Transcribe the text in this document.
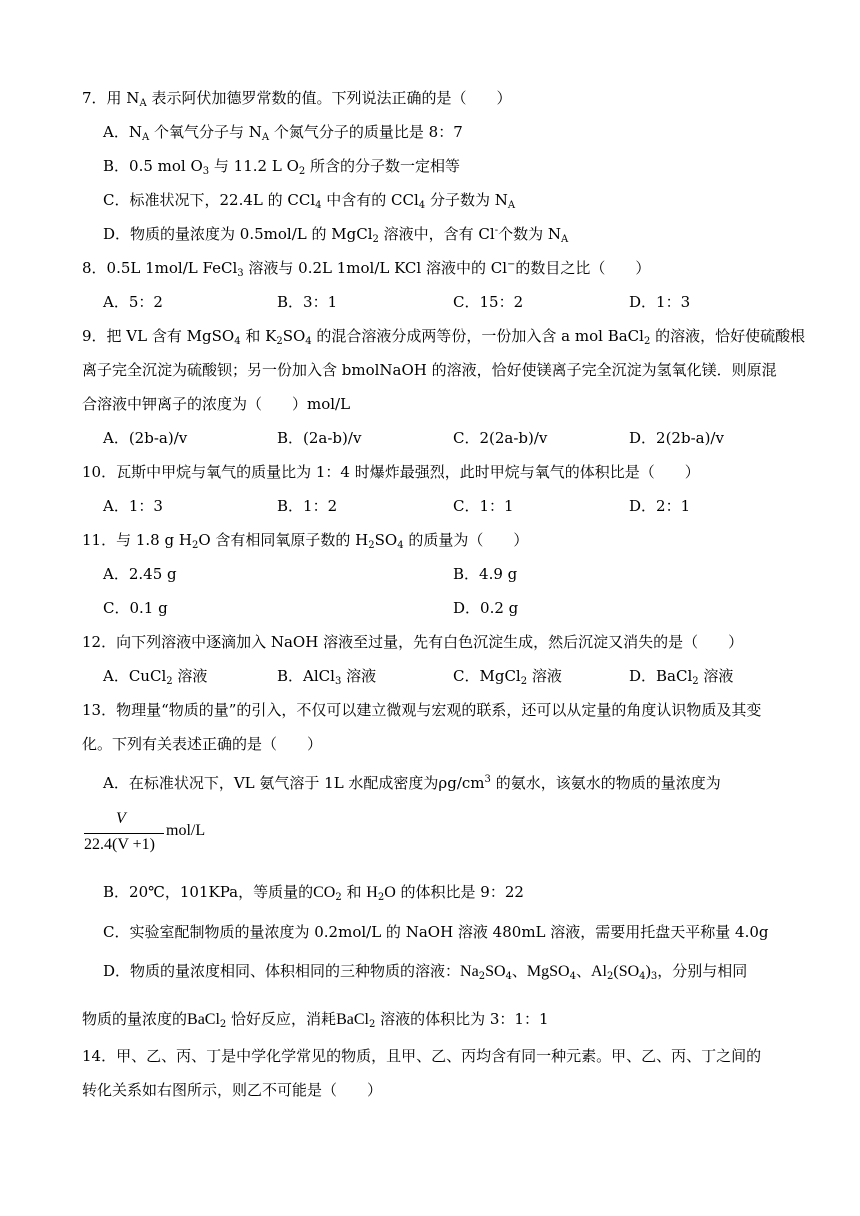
7．用 $N_A$ 表示阿伏加德罗常数的值。下列说法正确的是（　　）
A．$N_A$ 个氧气分子与 $N_A$ 个氮气分子的质量比是 8：7
B．0.5 mol $O_3$ 与 11.2 L $O_2$ 所含的分子数一定相等
C．标准状况下，22.4L 的 CCl$_4$ 中含有的 CCl$_4$ 分子数为 $N_A$
D．物质的量浓度为 0.5mol/L 的 MgCl$_2$ 溶液中，含有 Cl-个数为 $N_A$
8．0.5L 1mol/L FeCl$_3$ 溶液与 0.2L 1mol/L KCl 溶液中的 Cl−的数目之比（　　）
A．5：2	B．3：1	C．15：2	D．1：3
9．把 VL 含有 MgSO$_4$ 和 $K_2SO_4$ 的混合溶液分成两等份，一份加入含 a mol BaCl$_2$ 的溶液，恰好使硫酸根
离子完全沉淀为硫酸钡；另一份加入含 bmolNaOH 的溶液，恰好使镁离子完全沉淀为氢氧化镁．则原混
合溶液中钾离子的浓度为（　　）mol/L
A．(2b-a)/v	B．(2a-b)/v	C．2(2a-b)/v	D．2(2b-a)/v
10．瓦斯中甲烷与氧气的质量比为 1：4 时爆炸最强烈，此时甲烷与氧气的体积比是（　　）
A．1：3	B．1：2	C．1：1	D．2：1
11．与 1.8 g $H_2O$ 含有相同氧原子数的 $H_2SO_4$ 的质量为（　　）
A．2.45 g	B．4.9 g
C．0.1 g	D．0.2 g
12．向下列溶液中逐滴加入 NaOH 溶液至过量，先有白色沉淀生成，然后沉淀又消失的是（　　）
A．CuCl$_2$ 溶液	B．AlCl$_3$ 溶液	C．MgCl$_2$ 溶液	D．BaCl$_2$ 溶液
13．物理量“物质的量”的引入，不仅可以建立微观与宏观的联系，还可以从定量的角度认识物质及其变
化。下列有关表述正确的是（　　）
A．在标准状况下，VL 氨气溶于 1L 水配成密度为$\rho g/cm^3$ 的氨水，该氨水的物质的量浓度为
V
22.4(V +1)
mol/L
B．20℃，101KPa，等质量的$CO_2$ 和 $H_2O$ 的体积比是 9：22
C．实验室配制物质的量浓度为 0.2mol/L 的 NaOH 溶液 480mL 溶液，需要用托盘天平称量 4.0g
D．物质的量浓度相同、体积相同的三种物质的溶液：$Na_2SO_4$、MgSO$_4$、$Al_2(SO_4)_3$，分别与相同
物质的量浓度的BaCl$_2$ 恰好反应，消耗BaCl$_2$ 溶液的体积比为 3：1：1
14．甲、乙、丙、丁是中学化学常见的物质，且甲、乙、丙均含有同一种元素。甲、乙、丙、丁之间的
转化关系如右图所示，则乙不可能是（　　）
